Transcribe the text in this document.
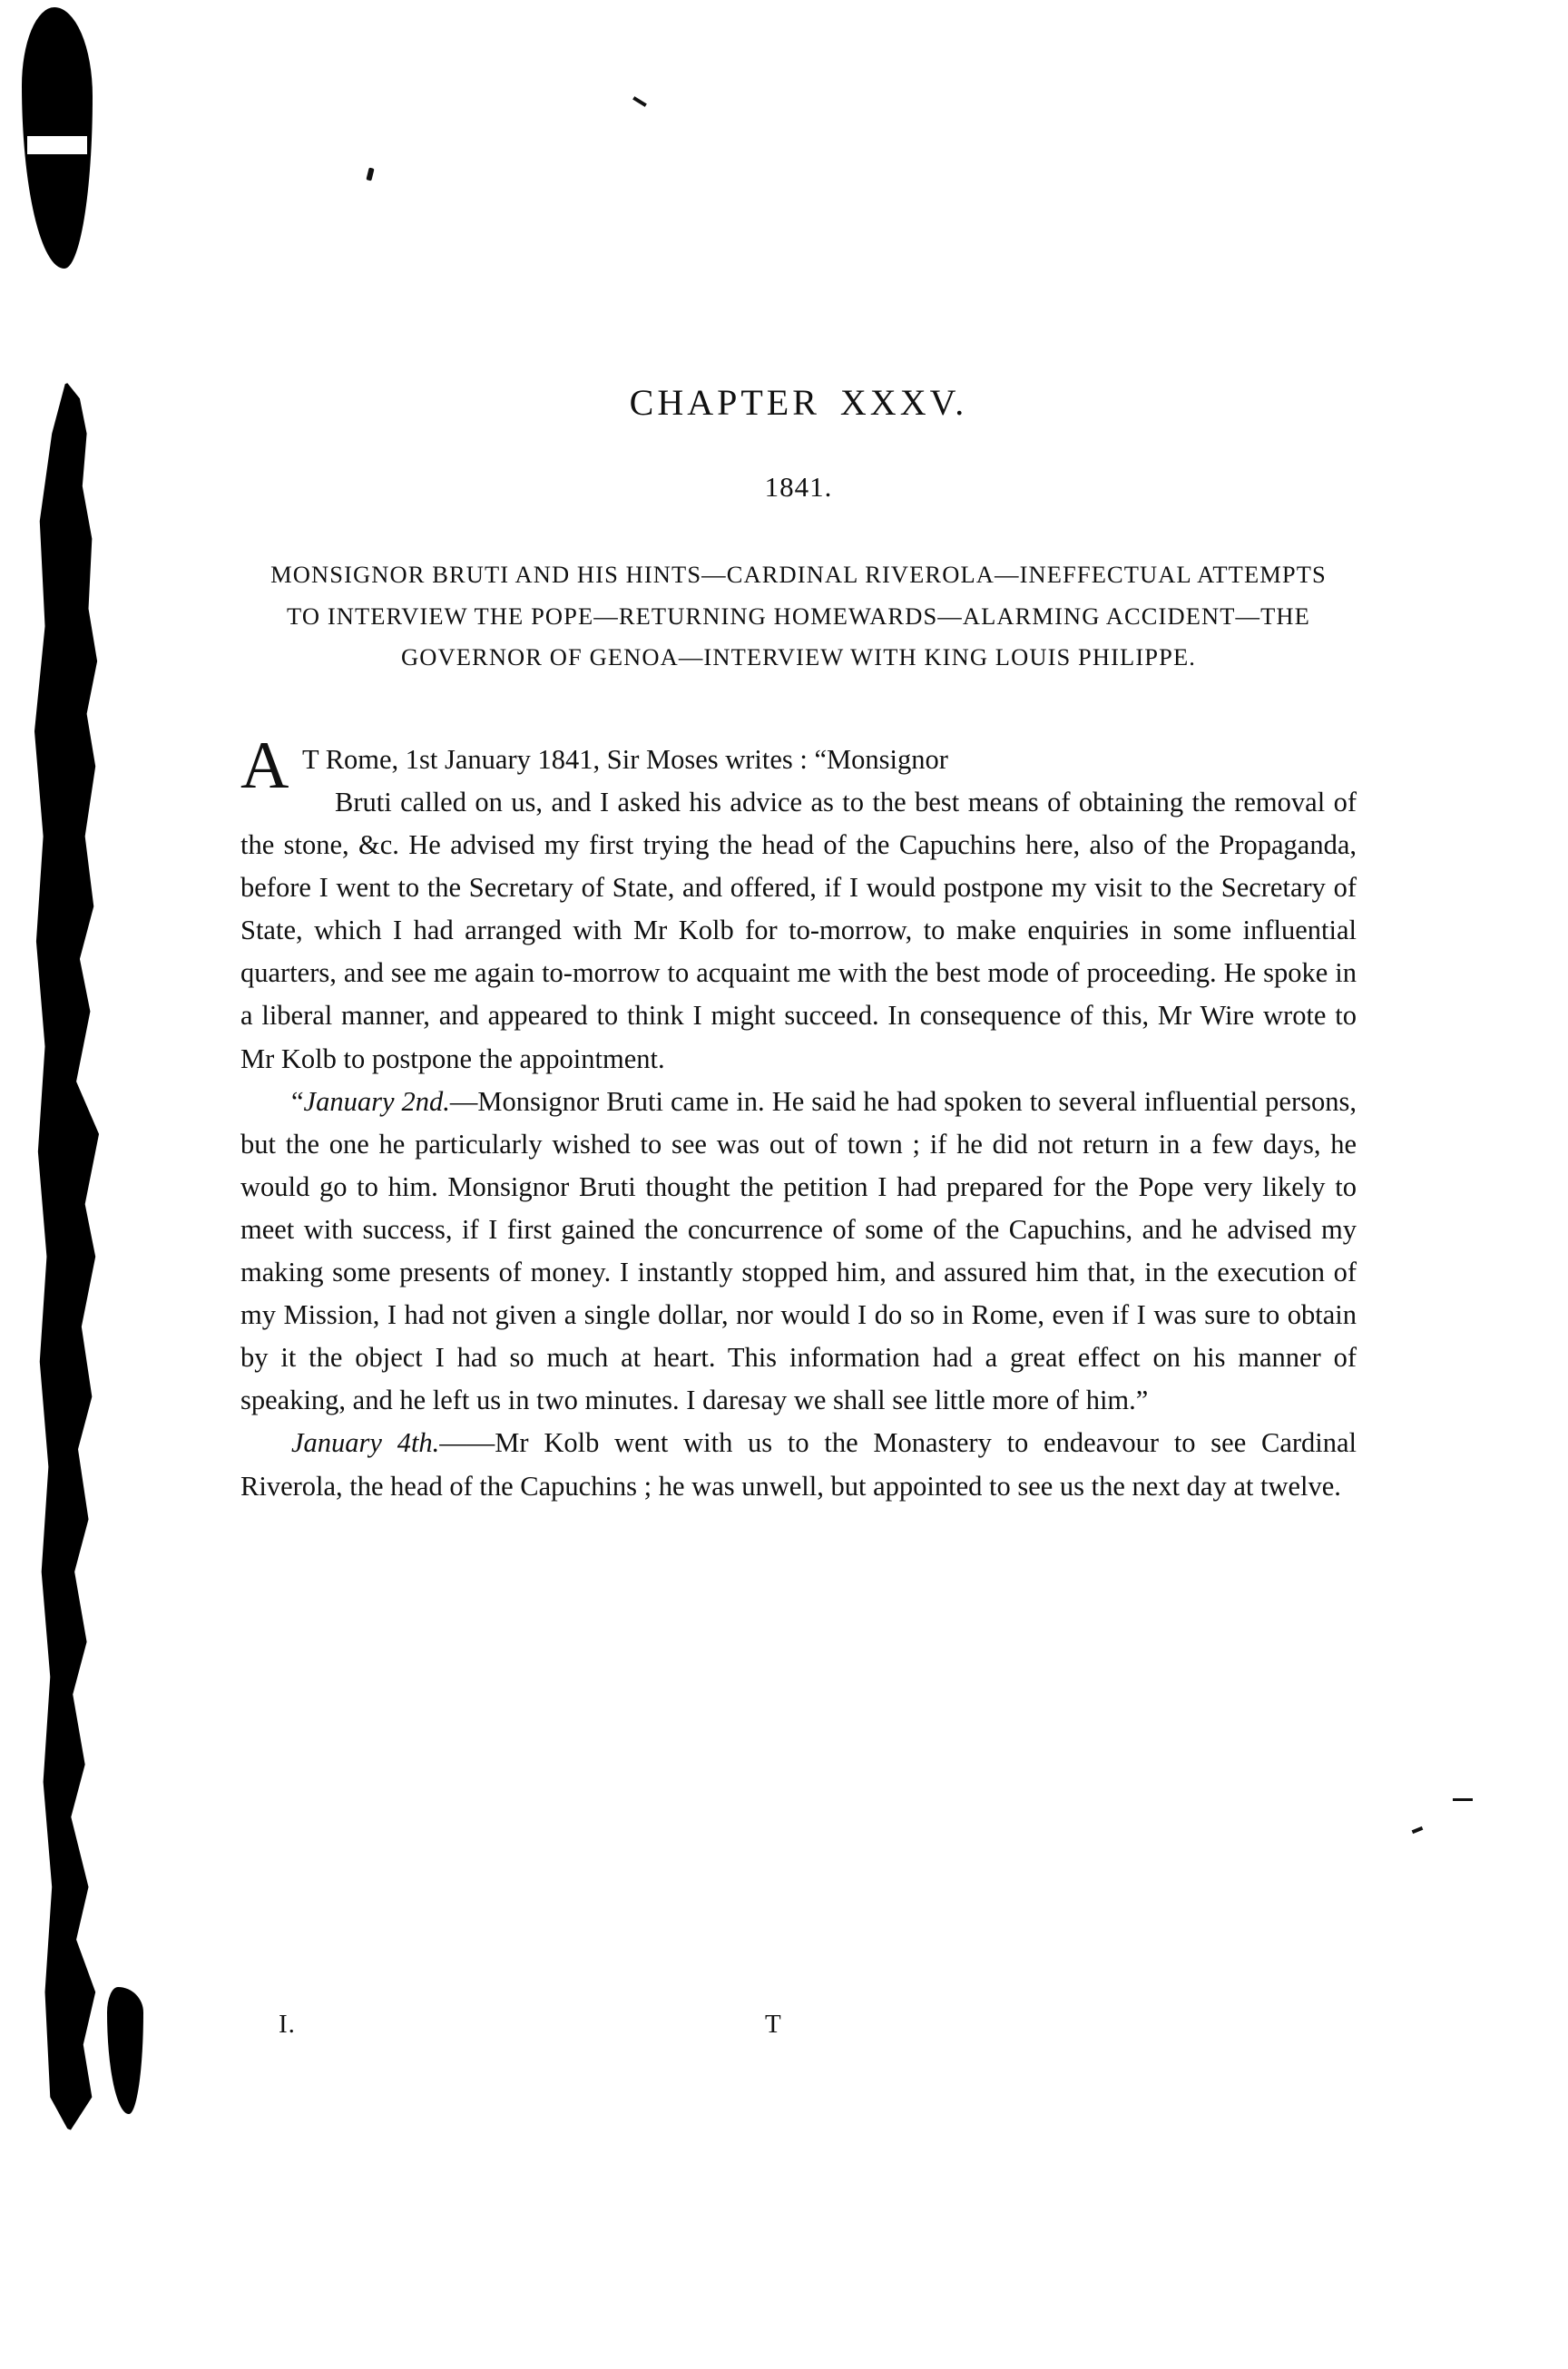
CHAPTER XXXV.
1841.
MONSIGNOR BRUTI AND HIS HINTS—CARDINAL RIVEROLA—INEFFECTUAL ATTEMPTS TO INTERVIEW THE POPE—RETURNING HOMEWARDS—ALARMING ACCIDENT—THE GOVERNOR OF GENOA—INTERVIEW WITH KING LOUIS PHILIPPE.

A T Rome, 1st January 1841, Sir Moses writes : “Monsignor
Bruti called on us, and I asked his advice as to the best means of obtaining the removal of the stone, &c. He advised my first trying the head of the Capuchins here, also of the Propaganda, before I went to the Secretary of State, and offered, if I would postpone my visit to the Secretary of State, which I had arranged with Mr Kolb for to-morrow, to make enquiries in some influential quarters, and see me again to-morrow to acquaint me with the best mode of proceeding. He spoke in a liberal manner, and appeared to think I might succeed. In consequence of this, Mr Wire wrote to Mr Kolb to postpone the appointment.

“January 2nd.—Monsignor Bruti came in. He said he had spoken to several influential persons, but the one he particularly wished to see was out of town ; if he did not return in a few days, he would go to him. Monsignor Bruti thought the petition I had prepared for the Pope very likely to meet with success, if I first gained the concurrence of some of the Capuchins, and he advised my making some presents of money. I instantly stopped him, and assured him that, in the execution of my Mission, I had not given a single dollar, nor would I do so in Rome, even if I was sure to obtain by it the object I had so much at heart. This information had a great effect on his manner of speaking, and he left us in two minutes. I daresay we shall see little more of him.”

January 4th.——Mr Kolb went with us to the Monastery to endeavour to see Cardinal Riverola, the head of the Capuchins ; he was unwell, but appointed to see us the next day at twelve.

I.	T
